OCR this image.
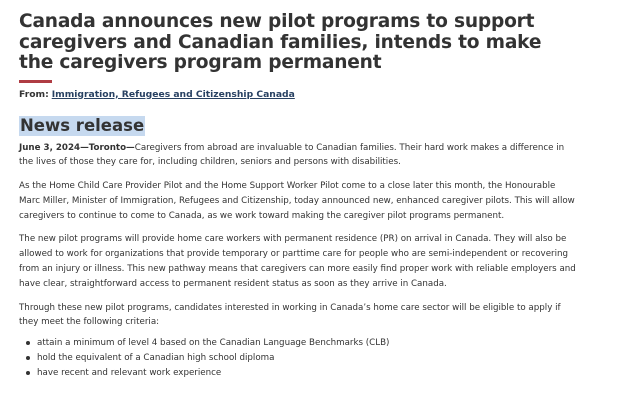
Canada announces new pilot programs to support caregivers and Canadian families, intends to make the caregivers program permanent
From: Immigration, Refugees and Citizenship Canada
News release

June 3, 2024—Toronto—Caregivers from abroad are invaluable to Canadian families. Their hard work makes a difference in the lives of those they care for, including children, seniors and persons with disabilities.

As the Home Child Care Provider Pilot and the Home Support Worker Pilot come to a close later this month, the Honourable Marc Miller, Minister of Immigration, Refugees and Citizenship, today announced new, enhanced caregiver pilots. This will allow caregivers to continue to come to Canada, as we work toward making the caregiver pilot programs permanent.

The new pilot programs will provide home care workers with permanent residence (PR) on arrival in Canada. They will also be allowed to work for organizations that provide temporary or parttime care for people who are semi-independent or recovering from an injury or illness. This new pathway means that caregivers can more easily find proper work with reliable employers and have clear, straightforward access to permanent resident status as soon as they arrive in Canada.

Through these new pilot programs, candidates interested in working in Canada’s home care sector will be eligible to apply if they meet the following criteria:

attain a minimum of level 4 based on the Canadian Language Benchmarks (CLB)
hold the equivalent of a Canadian high school diploma
have recent and relevant work experience
